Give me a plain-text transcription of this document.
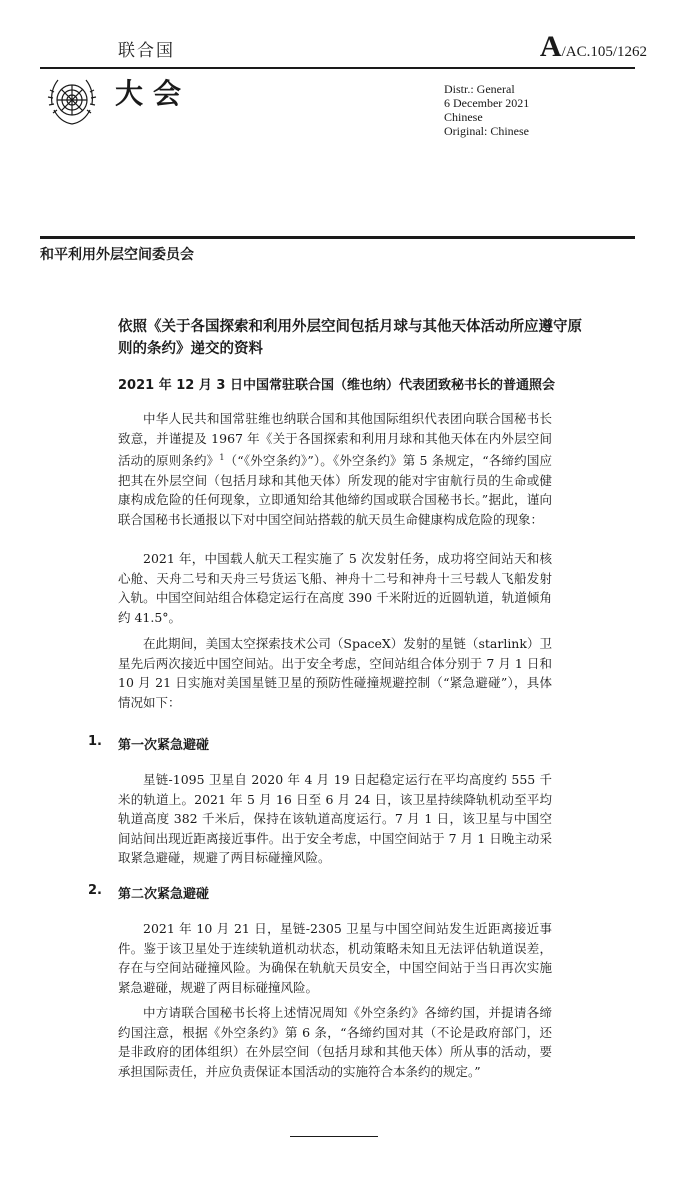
联合国	A/AC.105/1262
大会	Distr.: General
6 December 2021
Chinese
Original: Chinese
和平利用外层空间委员会
依照《关于各国探索和利用外层空间包括月球与其他天体活动所应遵守原则的条约》递交的资料
2021 年 12 月 3 日中国常驻联合国（维也纳）代表团致秘书长的普通照会
中华人民共和国常驻维也纳联合国和其他国际组织代表团向联合国秘书长致意，并谨提及 1967 年《关于各国探索和利用月球和其他天体在内外层空间活动的原则条约》$^1$（“《外空条约》”）。《外空条约》第 5 条规定，“各缔约国应把其在外层空间（包括月球和其他天体）所发现的能对宇宙航行员的生命或健康构成危险的任何现象，立即通知给其他缔约国或联合国秘书长。”据此，谨向联合国秘书长通报以下对中国空间站搭载的航天员生命健康构成危险的现象：
2021 年，中国载人航天工程实施了 5 次发射任务，成功将空间站天和核心舱、天舟二号和天舟三号货运飞船、神舟十二号和神舟十三号载人飞船发射入轨。中国空间站组合体稳定运行在高度 390 千米附近的近圆轨道，轨道倾角约 41.5°。
在此期间，美国太空探索技术公司（SpaceX）发射的星链（starlink）卫星先后两次接近中国空间站。出于安全考虑，空间站组合体分别于 7 月 1 日和 10 月 21 日实施对美国星链卫星的预防性碰撞规避控制（“紧急避碰”），具体情况如下：
1. 第一次紧急避碰
星链-1095 卫星自 2020 年 4 月 19 日起稳定运行在平均高度约 555 千米的轨道上。2021 年 5 月 16 日至 6 月 24 日，该卫星持续降轨机动至平均轨道高度 382 千米后，保持在该轨道高度运行。7 月 1 日，该卫星与中国空间站间出现近距离接近事件。出于安全考虑，中国空间站于 7 月 1 日晚主动采取紧急避碰，规避了两目标碰撞风险。
2. 第二次紧急避碰
2021 年 10 月 21 日，星链-2305 卫星与中国空间站发生近距离接近事件。鉴于该卫星处于连续轨道机动状态，机动策略未知且无法评估轨道误差，存在与空间站碰撞风险。为确保在轨航天员安全，中国空间站于当日再次实施紧急避碰，规避了两目标碰撞风险。
中方请联合国秘书长将上述情况周知《外空条约》各缔约国，并提请各缔约国注意，根据《外空条约》第 6 条，“各缔约国对其（不论是政府部门，还是非政府的团体组织）在外层空间（包括月球和其他天体）所从事的活动，要承担国际责任，并应负责保证本国活动的实施符合本条约的规定。”
